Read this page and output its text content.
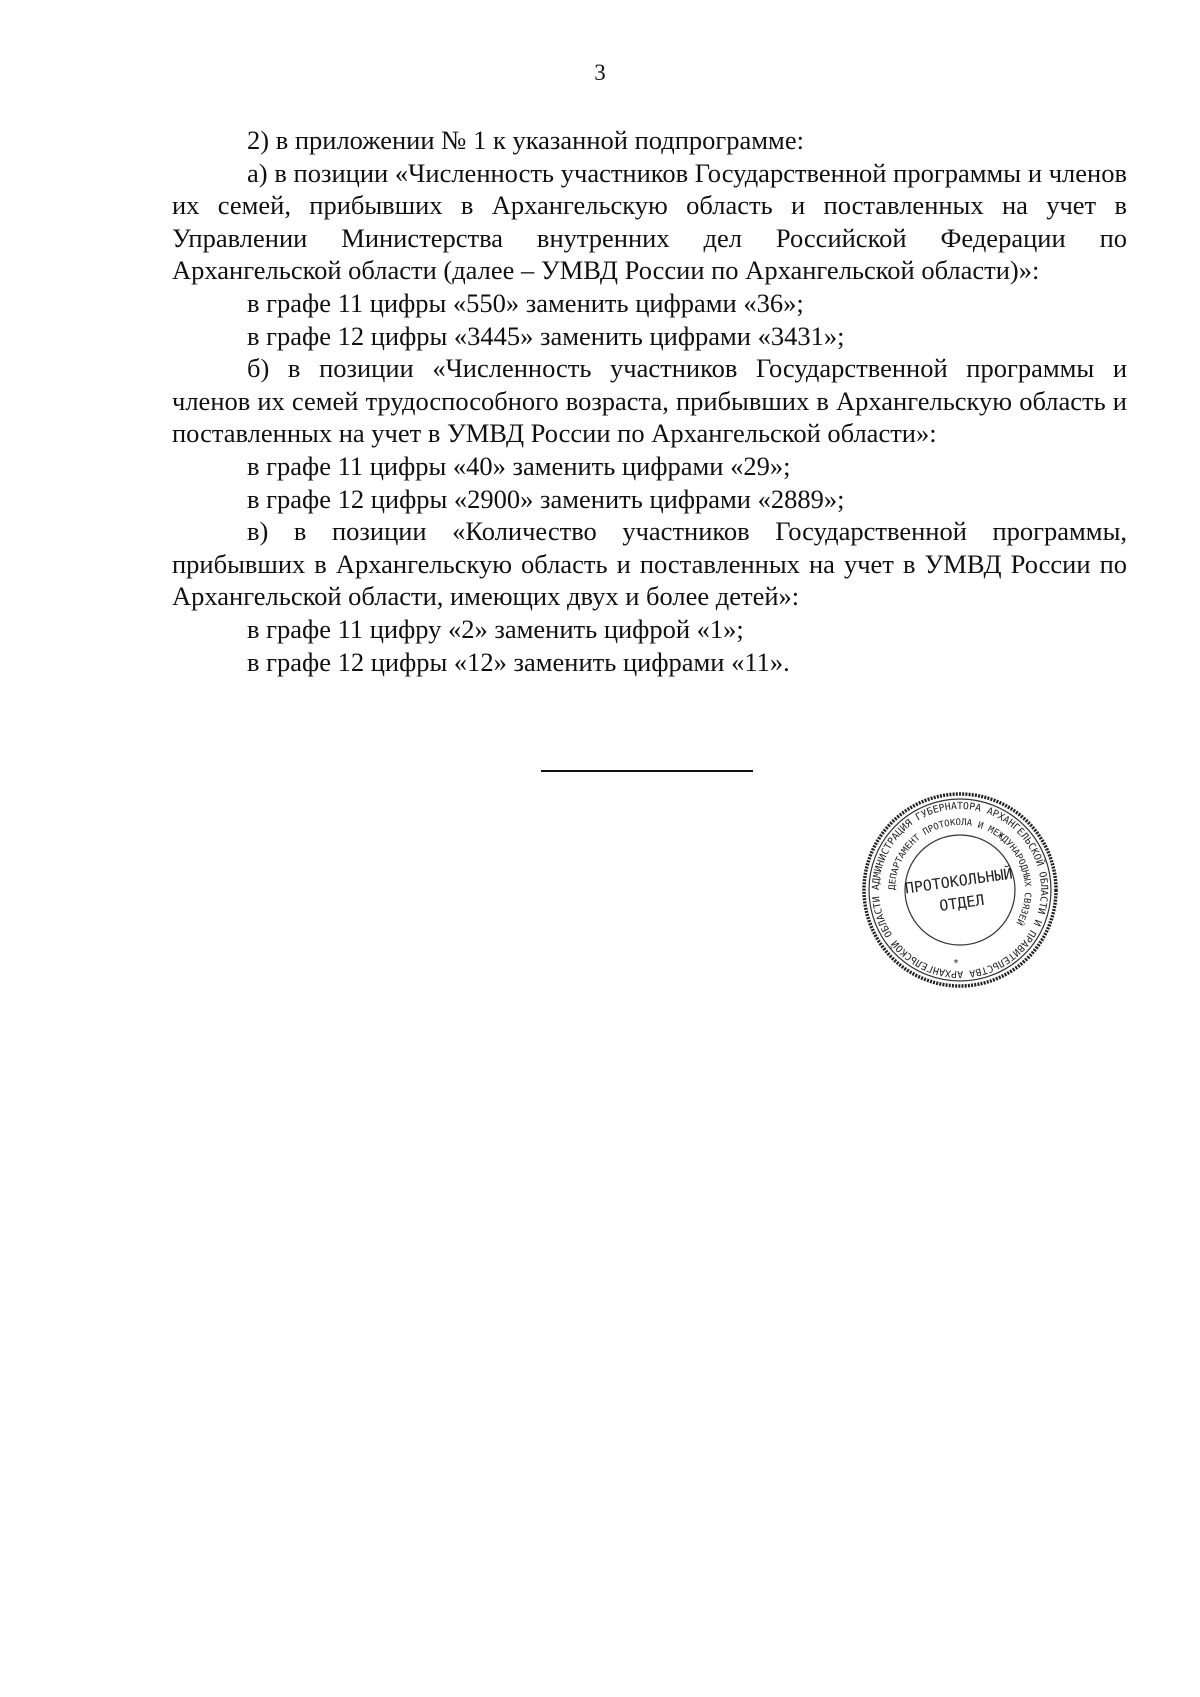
3

2) в приложении № 1 к указанной подпрограмме:

а) в позиции «Численность участников Государственной программы и членов их семей, прибывших в Архангельскую область и поставленных на учет в Управлении Министерства внутренних дел Российской Федерации по Архангельской области (далее – УМВД России по Архангельской области)»:

в графе 11 цифры «550» заменить цифрами «36»;

в графе 12 цифры «3445» заменить цифрами «3431»;

б) в позиции «Численность участников Государственной программы и членов их семей трудоспособного возраста, прибывших в Архангельскую область и поставленных на учет в УМВД России по Архангельской области»:

в графе 11 цифры «40» заменить цифрами «29»;

в графе 12 цифры «2900» заменить цифрами «2889»;

в) в позиции «Количество участников Государственной программы, прибывших в Архангельскую область и поставленных на учет в УМВД России по Архангельской области, имеющих двух и более детей»:

в графе 11 цифру «2» заменить цифрой «1»;

в графе 12 цифры «12» заменить цифрами «11».

АДМИНИСТРАЦИЯ ГУБЕРНАТОРА АРХАНГЕЛЬСКОЙ ОБЛАСТИ И ПРАВИТЕЛЬСТВА АРХАНГЕЛЬСКОЙ ОБЛАСТИ
ДЕПАРТАМЕНТ ПРОТОКОЛА И МЕЖДУНАРОДНЫХ СВЯЗЕЙ
ПРОТОКОЛЬНЫЙ
ОТДЕЛ
*
